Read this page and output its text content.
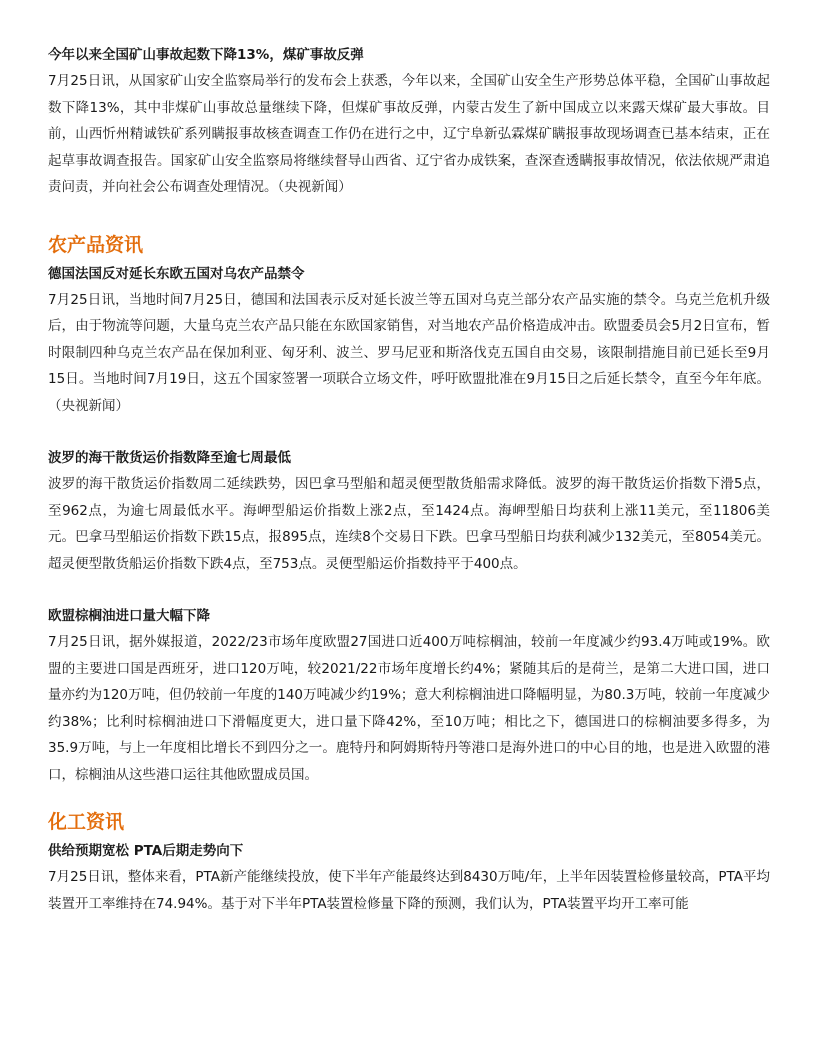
今年以来全国矿山事故起数下降13%，煤矿事故反弹

7月25日讯，从国家矿山安全监察局举行的发布会上获悉，今年以来，全国矿山安全生产形势总体平稳，全国矿山事故起数下降13%，其中非煤矿山事故总量继续下降，但煤矿事故反弹，内蒙古发生了新中国成立以来露天煤矿最大事故。目前，山西忻州精诚铁矿系列瞒报事故核查调查工作仍在进行之中，辽宁阜新弘霖煤矿瞒报事故现场调查已基本结束，正在起草事故调查报告。国家矿山安全监察局将继续督导山西省、辽宁省办成铁案，查深查透瞒报事故情况，依法依规严肃追责问责，并向社会公布调查处理情况。（央视新闻）

农产品资讯
德国法国反对延长东欧五国对乌农产品禁令

7月25日讯，当地时间7月25日，德国和法国表示反对延长波兰等五国对乌克兰部分农产品实施的禁令。乌克兰危机升级后，由于物流等问题，大量乌克兰农产品只能在东欧国家销售，对当地农产品价格造成冲击。欧盟委员会5月2日宣布，暂时限制四种乌克兰农产品在保加利亚、匈牙利、波兰、罗马尼亚和斯洛伐克五国自由交易，该限制措施目前已延长至9月15日。当地时间7月19日，这五个国家签署一项联合立场文件，呼吁欧盟批准在9月15日之后延长禁令，直至今年年底。（央视新闻）

波罗的海干散货运价指数降至逾七周最低

波罗的海干散货运价指数周二延续跌势，因巴拿马型船和超灵便型散货船需求降低。波罗的海干散货运价指数下滑5点，至962点，为逾七周最低水平。海岬型船运价指数上涨2点，至1424点。海岬型船日均获利上涨11美元，至11806美元。巴拿马型船运价指数下跌15点，报895点，连续8个交易日下跌。巴拿马型船日均获利减少132美元，至8054美元。超灵便型散货船运价指数下跌4点，至753点。灵便型船运价指数持平于400点。

欧盟棕榈油进口量大幅下降

7月25日讯，据外媒报道，2022/23市场年度欧盟27国进口近400万吨棕榈油，较前一年度减少约93.4万吨或19%。欧盟的主要进口国是西班牙，进口120万吨，较2021/22市场年度增长约4%；紧随其后的是荷兰，是第二大进口国，进口量亦约为120万吨，但仍较前一年度的140万吨减少约19%；意大利棕榈油进口降幅明显，为80.3万吨，较前一年度减少约38%；比利时棕榈油进口下滑幅度更大，进口量下降42%，至10万吨；相比之下，德国进口的棕榈油要多得多，为35.9万吨，与上一年度相比增长不到四分之一。鹿特丹和阿姆斯特丹等港口是海外进口的中心目的地，也是进入欧盟的港口，棕榈油从这些港口运往其他欧盟成员国。

化工资讯
供给预期宽松 PTA后期走势向下

7月25日讯，整体来看，PTA新产能继续投放，使下半年产能最终达到8430万吨/年，上半年因装置检修量较高，PTA平均装置开工率维持在74.94%。基于对下半年PTA装置检修量下降的预测，我们认为，PTA装置平均开工率可能
